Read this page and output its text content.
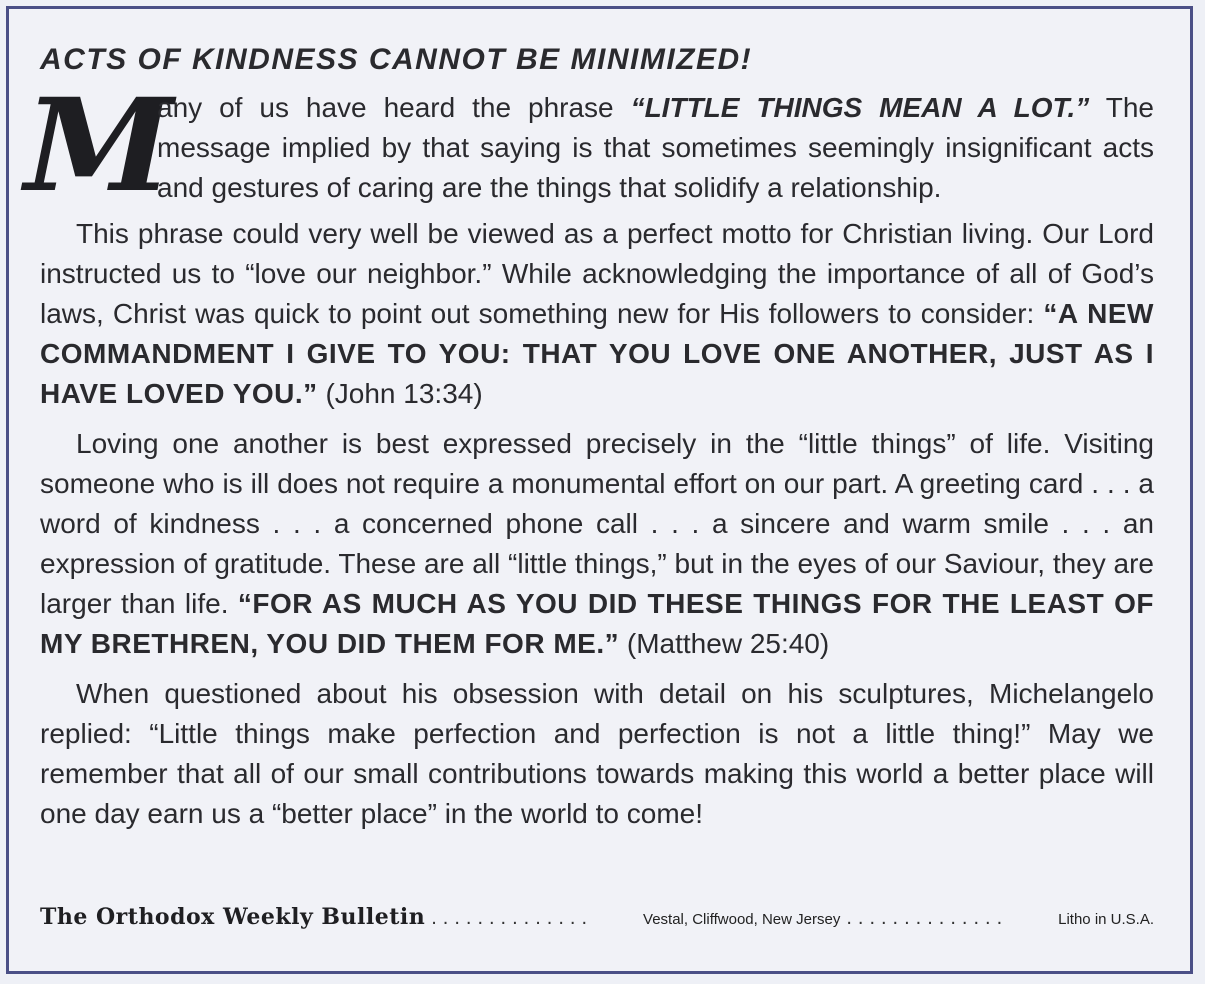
ACTS OF KINDNESS CANNOT BE MINIMIZED!
M

any of us have heard the phrase “LITTLE THINGS MEAN A LOT.” The message implied by that saying is that sometimes seemingly insignificant acts and gestures of caring are the things that solidify a relationship.

This phrase could very well be viewed as a perfect motto for Christian living. Our Lord instructed us to “love our neighbor.” While acknowledging the importance of all of God’s laws, Christ was quick to point out something new for His followers to consider: “A NEW COMMANDMENT I GIVE TO YOU: THAT YOU LOVE ONE ANOTHER, JUST AS I HAVE LOVED YOU.” (John 13:34)

Loving one another is best expressed precisely in the “little things” of life. Visiting someone who is ill does not require a monumental effort on our part. A greeting card . . . a word of kindness . . . a concerned phone call . . . a sincere and warm smile . . . an expression of gratitude. These are all “little things,” but in the eyes of our Saviour, they are larger than life. “FOR AS MUCH AS YOU DID THESE THINGS FOR THE LEAST OF MY BRETHREN, YOU DID THEM FOR ME.” (Matthew 25:40)

When questioned about his obsession with detail on his sculptures, Michelangelo replied: “Little things make perfection and perfection is not a little thing!” May we remember that all of our small contributions towards making this world a better place will one day earn us a “better place” in the world to come!

The Orthodox Weekly Bulletin ..............	Vestal, Cliffwood, New Jersey ..............	Litho in U.S.A.
